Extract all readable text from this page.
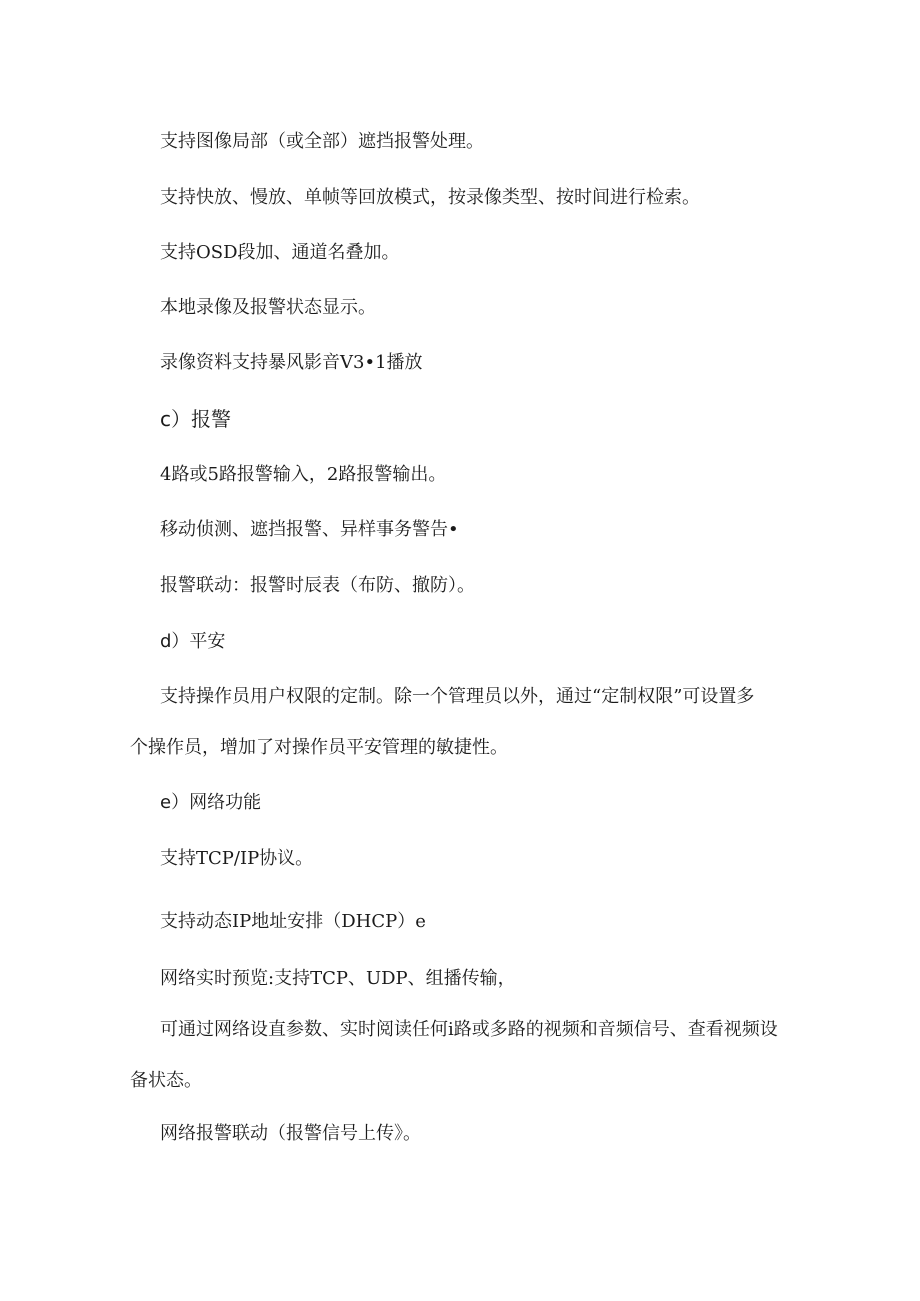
支持图像局部（或全部）遮挡报警处理。
支持快放、慢放、单帧等回放模式，按录像类型、按时间进行检索。
支持OSD段加、通道名叠加。
本地录像及报警状态显示。
录像资料支持暴风影音V3•1播放
c）报警
4路或5路报警输入，2路报警输出。
移动侦测、遮挡报警、异样事务警告•
报警联动：报警时辰表（布防、撤防）。
d）平安
支持操作员用户权限的定制。除一个管理员以外，通过“定制权限”可设置多
个操作员，增加了对操作员平安管理的敏捷性。
e）网络功能
支持TCP/IP协议。
支持动态IP地址安排（DHCP）e
网络实时预览:支持TCP、UDP、组播传输，
可通过网络设直参数、实时阅读任何i路或多路的视频和音频信号、查看视频设
备状态。
网络报警联动（报警信号上传》。
